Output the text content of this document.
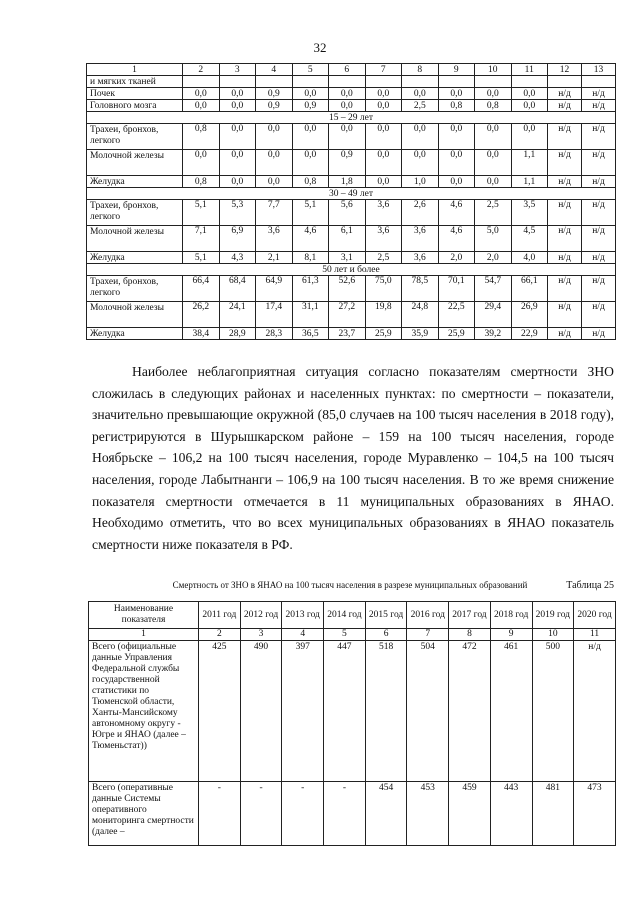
32
1	2	3	4	5	6	7	8	9	10	11	12	13
и мягких тканей												
Почек	0,0	0,0	0,9	0,0	0,0	0,0	0,0	0,0	0,0	0,0	н/д	н/д
Головного мозга	0,0	0,0	0,9	0,9	0,0	0,0	2,5	0,8	0,8	0,0	н/д	н/д
15 – 29 лет												
Трахеи, бронхов, легкого	0,8	0,0	0,0	0,0	0,0	0,0	0,0	0,0	0,0	0,0	н/д	н/д
Молочной железы	0,0	0,0	0,0	0,0	0,9	0,0	0,0	0,0	0,0	1,1	н/д	н/д
Желудка	0,8	0,0	0,0	0,8	1,8	0,0	1,0	0,0	0,0	1,1	н/д	н/д
30 – 49 лет												
Трахеи, бронхов, легкого	5,1	5,3	7,7	5,1	5,6	3,6	2,6	4,6	2,5	3,5	н/д	н/д
Молочной железы	7,1	6,9	3,6	4,6	6,1	3,6	3,6	4,6	5,0	4,5	н/д	н/д
Желудка	5,1	4,3	2,1	8,1	3,1	2,5	3,6	2,0	2,0	4,0	н/д	н/д
50 лет и более												
Трахеи, бронхов, легкого	66,4	68,4	64,9	61,3	52,6	75,0	78,5	70,1	54,7	66,1	н/д	н/д
Молочной железы	26,2	24,1	17,4	31,1	27,2	19,8	24,8	22,5	29,4	26,9	н/д	н/д
Желудка	38,4	28,9	28,3	36,5	23,7	25,9	35,9	25,9	39,2	22,9	н/д	н/д
Наиболее неблагоприятная ситуация согласно показателям смертности ЗНО сложилась в следующих районах и населенных пунктах: по смертности – показатели, значительно превышающие окружной (85,0 случаев на 100 тысяч населения в 2018 году), регистрируются в Шурышкарском районе – 159 на 100 тысяч населения, городе Ноябрьске – 106,2 на 100 тысяч населения, городе Муравленко – 104,5 на 100 тысяч населения, городе Лабытнанги – 106,9 на 100 тысяч населения. В то же время снижение показателя смертности отмечается в 11 муниципальных образованиях в ЯНАО. Необходимо отметить, что во всех муниципальных образованиях в ЯНАО показатель смертности ниже показателя в РФ.
Таблица 25
Смертность от ЗНО в ЯНАО на 100 тысяч населения в разрезе муниципальных образований
Наименование показателя	2011 год	2012 год	2013 год	2014 год	2015 год	2016 год	2017 год	2018 год	2019 год	2020 год
1	2	3	4	5	6	7	8	9	10	11
Всего (официальные данные Управления Федеральной службы государственной статистики по Тюменской области, Ханты-Мансийскому автономному округу - Югре и ЯНАО (далее – Тюменьстат))	425	490	397	447	518	504	472	461	500	н/д
Всего (оперативные данные Системы оперативного мониторинга смертности (далее –	-	-	-	-	454	453	459	443	481	473
